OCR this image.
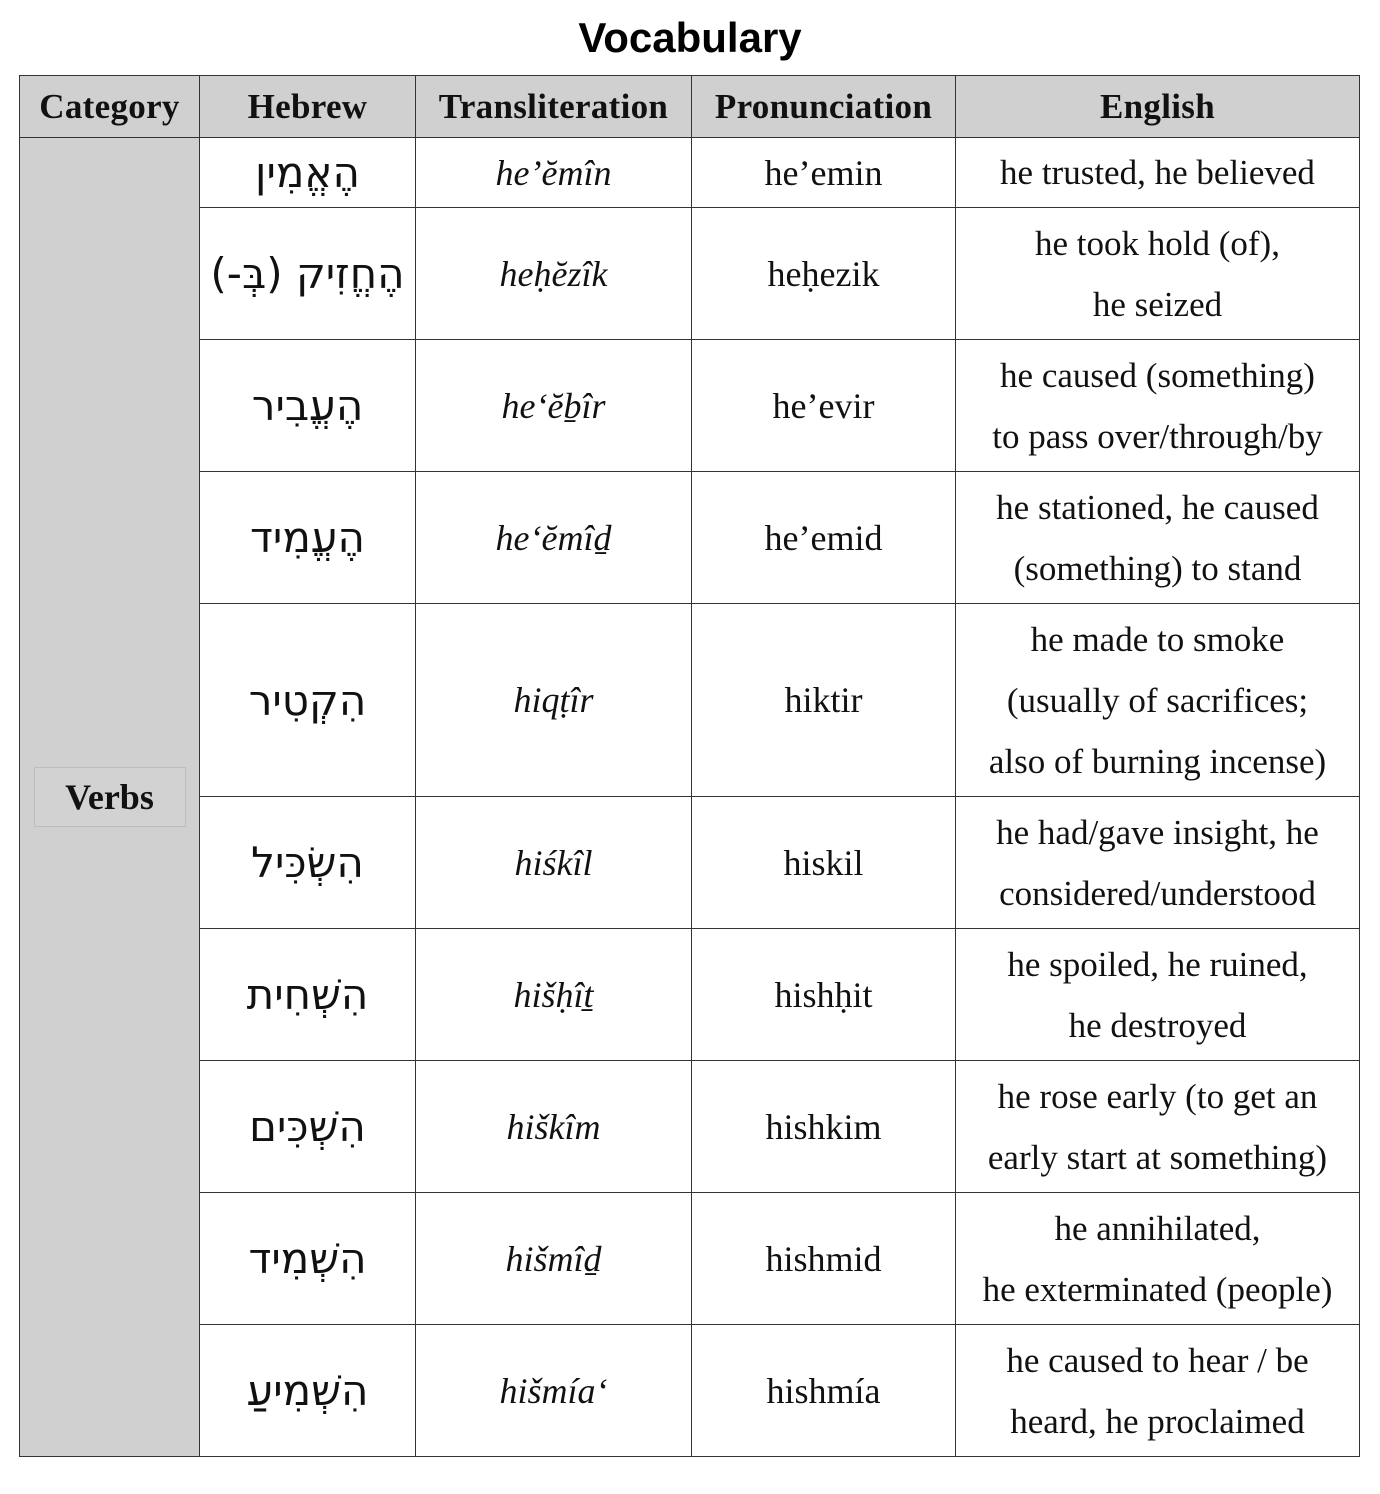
Vocabulary
Category	Hebrew	Transliteration	Pronunciation	English
Verbs	הֶאֱמִין	he’ĕmîn	he’emin	he trusted, he believed

	הֶחֱזִיק (בְּ-)	heḥĕzîk	heḥezik	he took hold (of),
he seized

	הֶעֱבִיר	he‘ĕḇîr	he’evir	he caused (something)
to pass over/through/by

	הֶעֱמִיד	he‘ĕmîḏ	he’emid	he stationed, he caused
(something) to stand

	הִקְטִיר	hiqṭîr	hiktir	he made to smoke
(usually of sacrifices;
also of burning incense)

	הִשְׂכִּיל	hiśkîl	hiskil	he had/gave insight, he
considered/understood

	הִשְׁחִית	hišḥîṯ	hishḥit	he spoiled, he ruined,
he destroyed

	הִשְׁכִּים	hiškîm	hishkim	he rose early (to get an
early start at something)

	הִשְׁמִיד	hišmîḏ	hishmid	he annihilated,
he exterminated (people)

	הִשְׁמִיעַ	hišmíaʻ	hishmía	he caused to hear / be
heard, he proclaimed
